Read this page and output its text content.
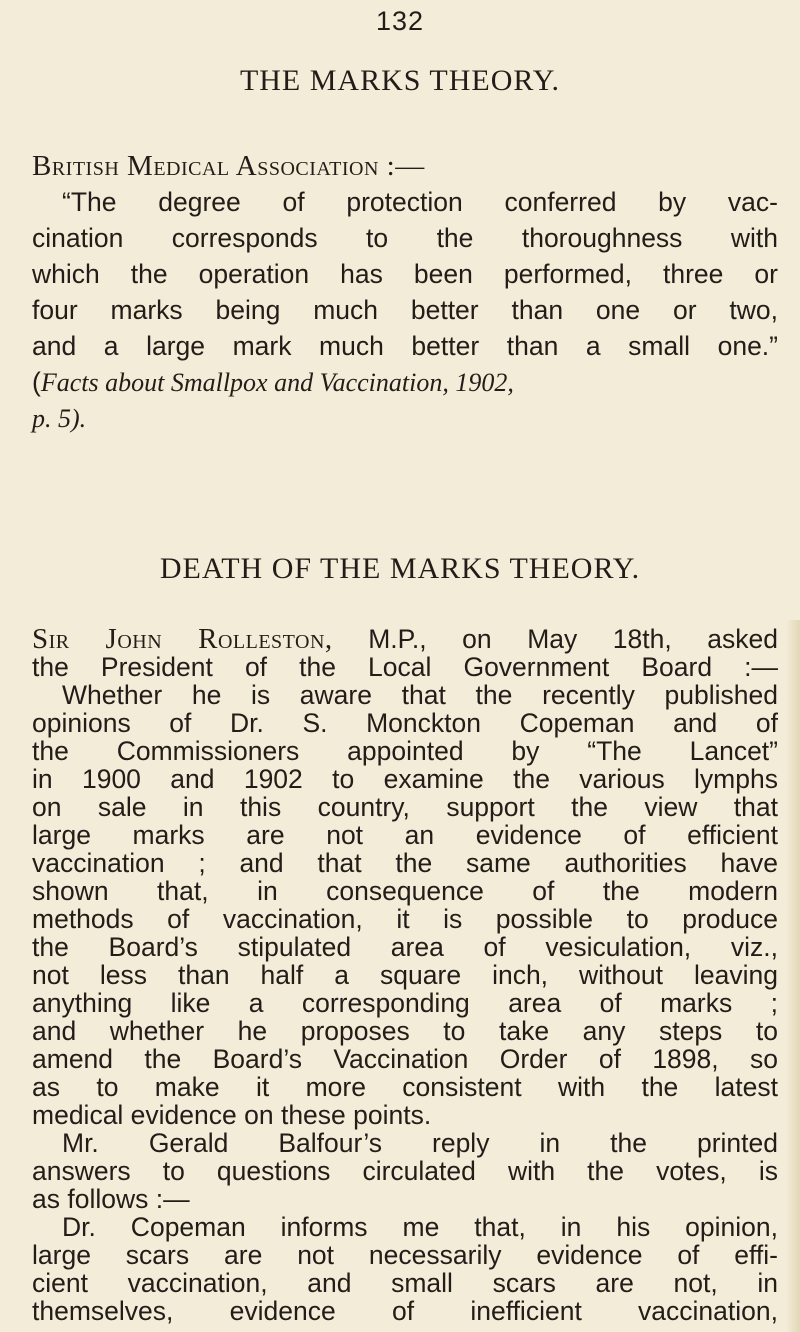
132
THE MARKS THEORY.
British Medical Association :—
“The degree of protection conferred by vac-
cination corresponds to the thoroughness with
which the operation has been performed, three or
four marks being much better than one or two,
and a large mark much better than a small one.”
(Facts about Smallpox and Vaccination, 1902,
p. 5).
DEATH OF THE MARKS THEORY.
Sir John Rolleston, M.P., on May 18th, asked
the President of the Local Government Board :—
Whether he is aware that the recently published
opinions of Dr. S. Monckton Copeman and of
the Commissioners appointed by “The Lancet”
in 1900 and 1902 to examine the various lymphs
on sale in this country, support the view that
large marks are not an evidence of efficient
vaccination ; and that the same authorities have
shown that, in consequence of the modern
methods of vaccination, it is possible to produce
the Board’s stipulated area of vesiculation, viz.,
not less than half a square inch, without leaving
anything like a corresponding area of marks ;
and whether he proposes to take any steps to
amend the Board’s Vaccination Order of 1898, so
as to make it more consistent with the latest
medical evidence on these points.
Mr. Gerald Balfour’s reply in the printed
answers to questions circulated with the votes, is
as follows :—
Dr. Copeman informs me that, in his opinion,
large scars are not necessarily evidence of effi-
cient vaccination, and small scars are not, in
themselves, evidence of inefficient vaccination,
